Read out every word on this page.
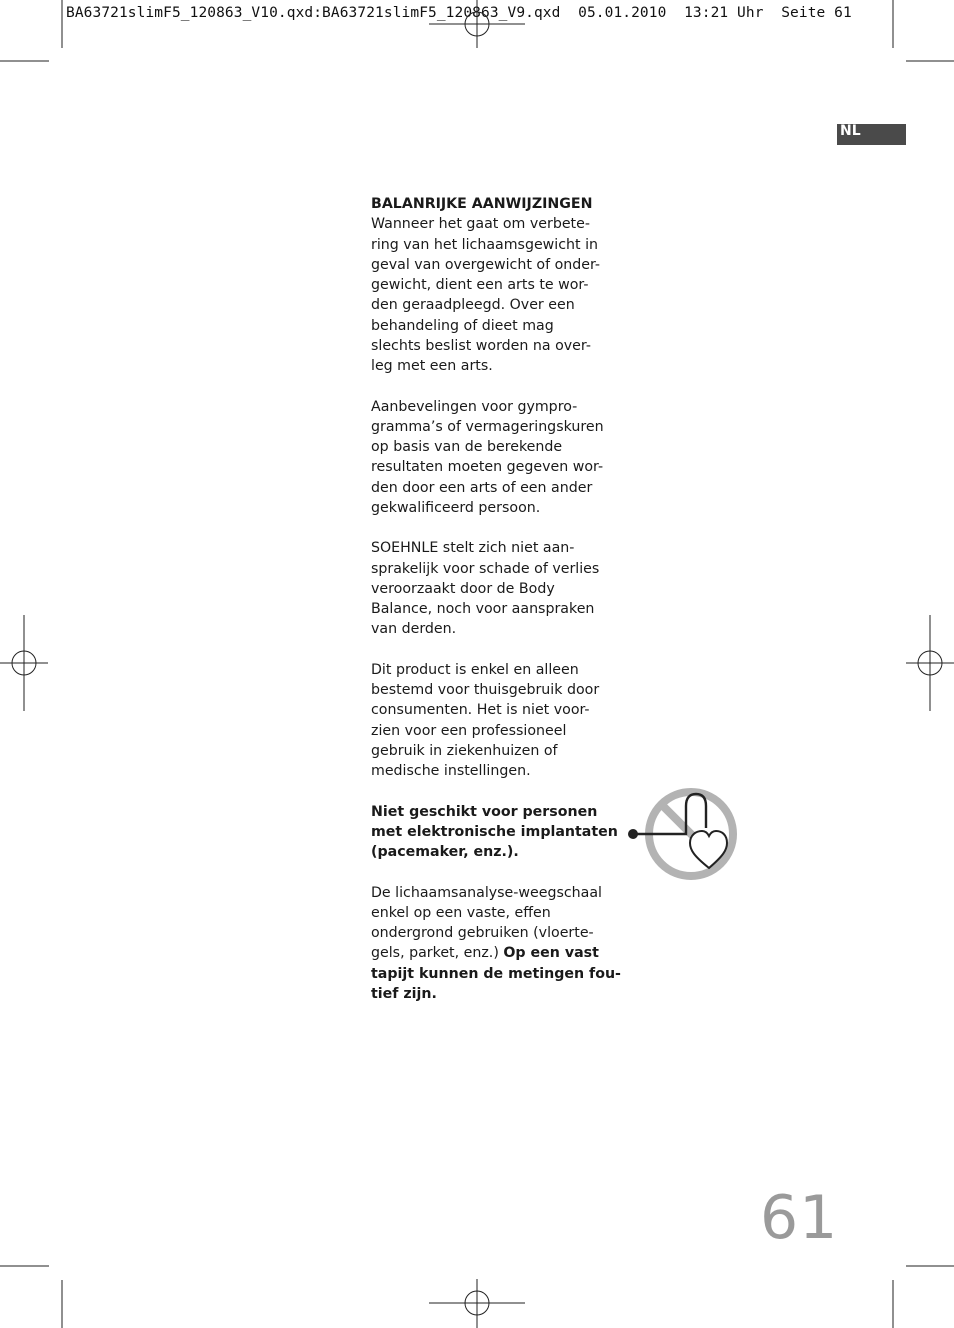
BA63721slimF5_120863_V10.qxd:BA63721slimF5_120863_V9.qxd  05.01.2010  13:21 Uhr  Seite 61
NL

BALANRIJKE AANWIJZINGEN
Wanneer het gaat om verbete-
ring van het lichaamsgewicht in
geval van overgewicht of onder-
gewicht, dient een arts te wor-
den geraadpleegd. Over een
behandeling of dieet mag
slechts beslist worden na over-
leg met een arts.

Aanbevelingen voor gympro-
gramma’s of vermageringskuren
op basis van de berekende
resultaten moeten gegeven wor-
den door een arts of een ander
gekwalificeerd persoon.

SOEHNLE stelt zich niet aan-
sprakelijk voor schade of verlies
veroorzaakt door de Body
Balance, noch voor aanspraken
van derden.

Dit product is enkel en alleen
bestemd voor thuisgebruik door
consumenten. Het is niet voor-
zien voor een professioneel
gebruik in ziekenhuizen of
medische instellingen.

Niet geschikt voor personen
met elektronische implantaten
(pacemaker, enz.).

De lichaamsanalyse-weegschaal
enkel op een vaste, effen
ondergrond gebruiken (vloerte-
gels, parket, enz.) Op een vast
tapijt kunnen de metingen fou-
tief zijn.

61
